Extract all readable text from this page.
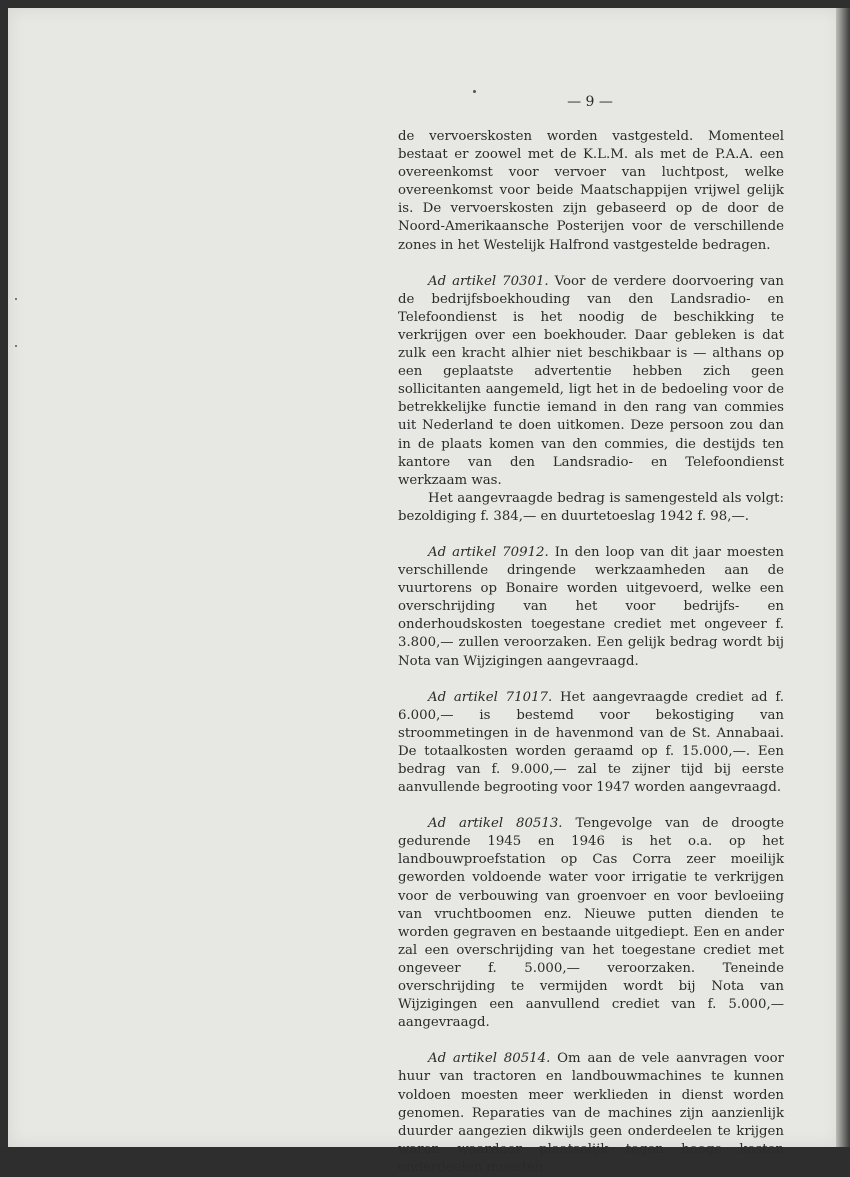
— 9 —

de vervoerskosten worden vastgesteld. Momenteel bestaat er zoowel met de K.L.M. als met de P.A.A. een overeenkomst voor vervoer van luchtpost, welke overeenkomst voor beide Maatschappijen vrijwel gelijk is. De vervoerskosten zijn gebaseerd op de door de Noord-Amerikaansche Posterijen voor de verschillende zones in het Westelijk Halfrond vastgestelde bedragen.

Ad artikel 70301. Voor de verdere doorvoering van de bedrijfsboekhouding van den Landsradio- en Telefoondienst is het noodig de beschikking te verkrijgen over een boekhouder. Daar gebleken is dat zulk een kracht alhier niet beschikbaar is — althans op een geplaatste advertentie hebben zich geen sollicitanten aangemeld, ligt het in de bedoeling voor de betrekkelijke functie iemand in den rang van commies uit Nederland te doen uitkomen. Deze persoon zou dan in de plaats komen van den commies, die destijds ten kantore van den Landsradio- en Telefoondienst werkzaam was.

Het aangevraagde bedrag is samengesteld als volgt: bezoldiging f. 384,— en duurtetoeslag 1942 f. 98,—.

Ad artikel 70912. In den loop van dit jaar moesten verschillende dringende werkzaamheden aan de vuurtorens op Bonaire worden uitgevoerd, welke een overschrijding van het voor bedrijfs- en onderhoudskosten toegestane crediet met ongeveer f. 3.800,— zullen veroorzaken. Een gelijk bedrag wordt bij Nota van Wijzigingen aangevraagd.

Ad artikel 71017. Het aangevraagde crediet ad f. 6.000,— is bestemd voor bekostiging van stroommetingen in de havenmond van de St. Annabaai. De totaalkosten worden geraamd op f. 15.000,—. Een bedrag van f. 9.000,— zal te zijner tijd bij eerste aanvullende begrooting voor 1947 worden aangevraagd.

Ad artikel 80513. Tengevolge van de droogte gedurende 1945 en 1946 is het o.a. op het landbouwproefstation op Cas Corra zeer moeilijk geworden voldoende water voor irrigatie te verkrijgen voor de verbouwing van groenvoer en voor bevloeiing van vruchtboomen enz. Nieuwe putten dienden te worden gegraven en bestaande uitgediept. Een en ander zal een overschrijding van het toegestane crediet met ongeveer f. 5.000,— veroorzaken. Teneinde overschrijding te vermijden wordt bij Nota van Wijzigingen een aanvullend crediet van f. 5.000,— aangevraagd.

Ad artikel 80514. Om aan de vele aanvragen voor huur van tractoren en landbouwmachines te kunnen voldoen moesten meer werklieden in dienst worden genomen. Reparaties van de machines zijn aanzienlijk duurder aangezien dikwijls geen onderdeelen te krijgen waren waardoor plaatselijk tegen hooge kosten onderdeelen moesten
